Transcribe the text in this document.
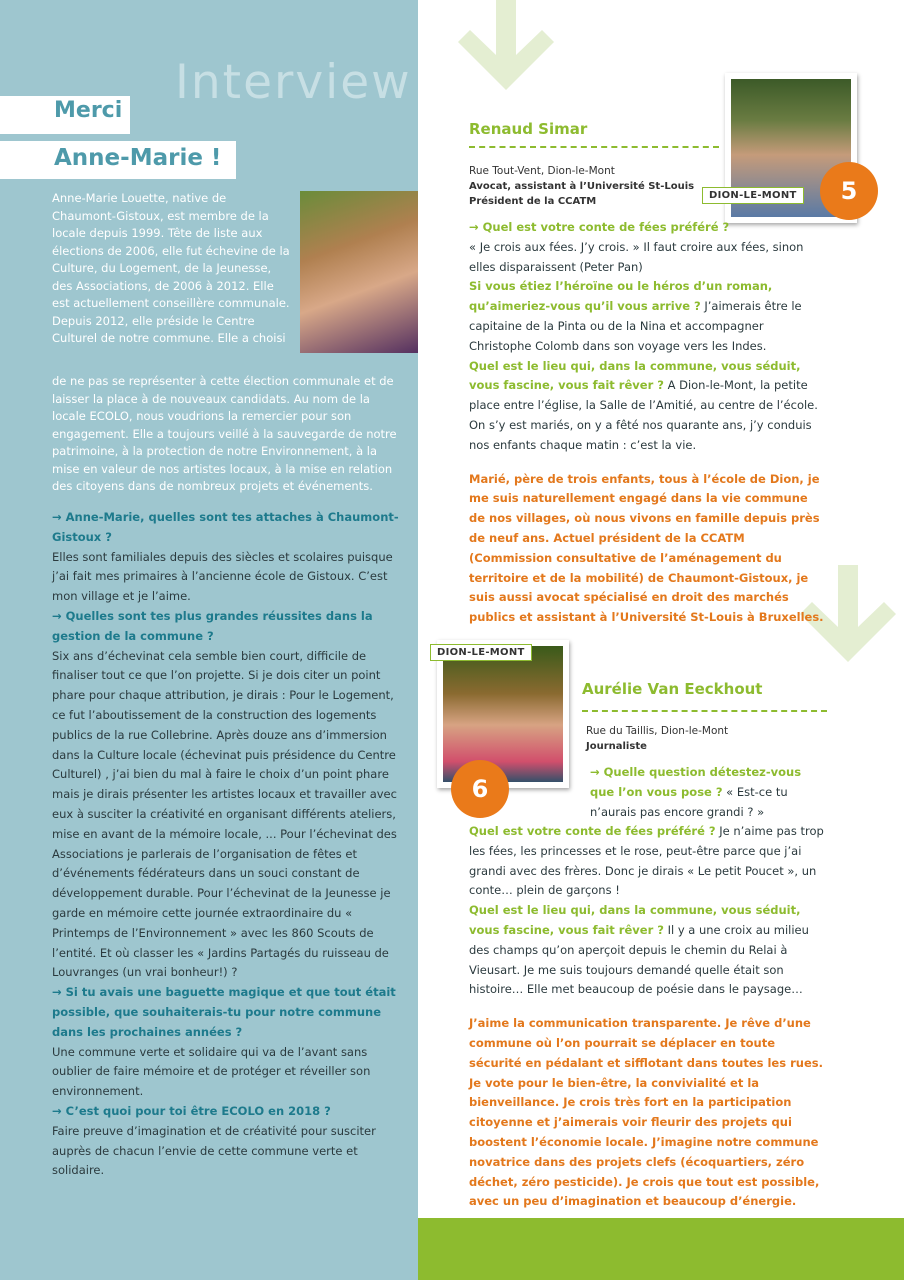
Interview
Merci
Anne-Marie !
Anne-Marie Louette, native de Chaumont-Gistoux, est membre de la locale depuis 1999. Tête de liste aux élections de 2006, elle fut échevine de la Culture, du Logement, de la Jeunesse, des Associations, de 2006 à 2012. Elle est actuellement conseillère communale. Depuis 2012, elle préside le Centre Culturel de notre commune. Elle a choisi
de ne pas se représenter à cette élection communale et de laisser la place à de nouveaux candidats. Au nom de la locale ECOLO, nous voudrions la remercier pour son engagement. Elle a toujours veillé à la sauvegarde de notre patrimoine, à la protection de notre Environnement, à la mise en valeur de nos artistes locaux, à la mise en relation des citoyens dans de nombreux projets et événements.

→ Anne-Marie, quelles sont tes attaches à Chaumont-Gistoux ?

Elles sont familiales depuis des siècles et scolaires puisque j’ai fait mes primaires à l’ancienne école de Gistoux. C’est mon village et je l’aime.

→ Quelles sont tes plus grandes réussites dans la gestion de la commune ?

Six ans d’échevinat cela semble bien court, difficile de finaliser tout ce que l’on projette. Si je dois citer un point phare pour chaque attribution, je dirais : Pour le Logement, ce fut l’aboutissement de la construction des logements publics de la rue Collebrine. Après douze ans d’immersion dans la Culture locale (échevinat puis présidence du Centre Culturel) , j’ai bien du mal à faire le choix d’un point phare mais je dirais présenter les artistes locaux et travailler avec eux à susciter la créativité en organisant différents ateliers, mise en avant de la mémoire locale, ... Pour l’échevinat des Associations je parlerais de l’organisation de fêtes et d’événements fédérateurs dans un souci constant de développement durable. Pour l’échevinat de la Jeunesse je garde en mémoire cette journée extraordinaire du « Printemps de l’Environnement » avec les 860 Scouts de l’entité. Et où classer les « Jardins Partagés du ruisseau de Louvranges (un vrai bonheur!) ?

→ Si tu avais une baguette magique et que tout était possible, que souhaiterais-tu pour notre commune dans les prochaines années ?

Une commune verte et solidaire qui va de l’avant sans oublier de faire mémoire et de protéger et réveiller son environnement.

→ C’est quoi pour toi être ECOLO en 2018 ?

Faire preuve d’imagination et de créativité pour susciter auprès de chacun l’envie de cette commune verte et solidaire.

Renaud Simar
Rue Tout-Vent, Dion-le-Mont
Avocat, assistant à l’Université St-Louis
Président de la CCATM
DION-LE-MONT	5

→ Quel est votre conte de fées préféré ?

« Je crois aux fées. J’y crois. » Il faut croire aux fées, sinon elles disparaissent (Peter Pan)

Si vous étiez l’héroïne ou le héros d’un roman, qu’aimeriez-vous qu’il vous arrive ? J’aimerais être le capitaine de la Pinta ou de la Nina et accompagner Christophe Colomb dans son voyage vers les Indes.

Quel est le lieu qui, dans la commune, vous séduit, vous fascine, vous fait rêver ? A Dion-le-Mont, la petite place entre l’église, la Salle de l’Amitié, au centre de l’école. On s’y est mariés, on y a fêté nos quarante ans, j’y conduis nos enfants chaque matin : c’est la vie.

Marié, père de trois enfants, tous à l’école de Dion, je me suis naturellement engagé dans la vie commune de nos villages, où nous vivons en famille depuis près de neuf ans. Actuel président de la CCATM (Commission consultative de l’aménagement du territoire et de la mobilité) de Chaumont-Gistoux, je suis aussi avocat spécialisé en droit des marchés publics et assistant à l’Université St-Louis à Bruxelles.

DION-LE-MONT
6
Aurélie Van Eeckhout
Rue du Taillis, Dion-le-Mont
Journaliste

→ Quelle question détestez-vous que l’on vous pose ? « Est-ce tu n’aurais pas encore grandi ? »

Quel est votre conte de fées préféré ? Je n’aime pas trop les fées, les princesses et le rose, peut-être parce que j’ai grandi avec des frères. Donc je dirais « Le petit Poucet », un conte… plein de garçons !

Quel est le lieu qui, dans la commune, vous séduit, vous fascine, vous fait rêver ? Il y a une croix au milieu des champs qu’on aperçoit depuis le chemin du Relai à Vieusart. Je me suis toujours demandé quelle était son histoire… Elle met beaucoup de poésie dans le paysage…

J’aime la communication transparente. Je rêve d’une commune où l’on pourrait se déplacer en toute sécurité en pédalant et sifflotant dans toutes les rues. Je vote pour le bien-être, la convivialité et la bienveillance. Je crois très fort en la participation citoyenne et j’aimerais voir fleurir des projets qui boostent l’économie locale. J’imagine notre commune novatrice dans des projets clefs (écoquartiers, zéro déchet, zéro pesticide). Je crois que tout est possible, avec un peu d’imagination et beaucoup d’énergie.
